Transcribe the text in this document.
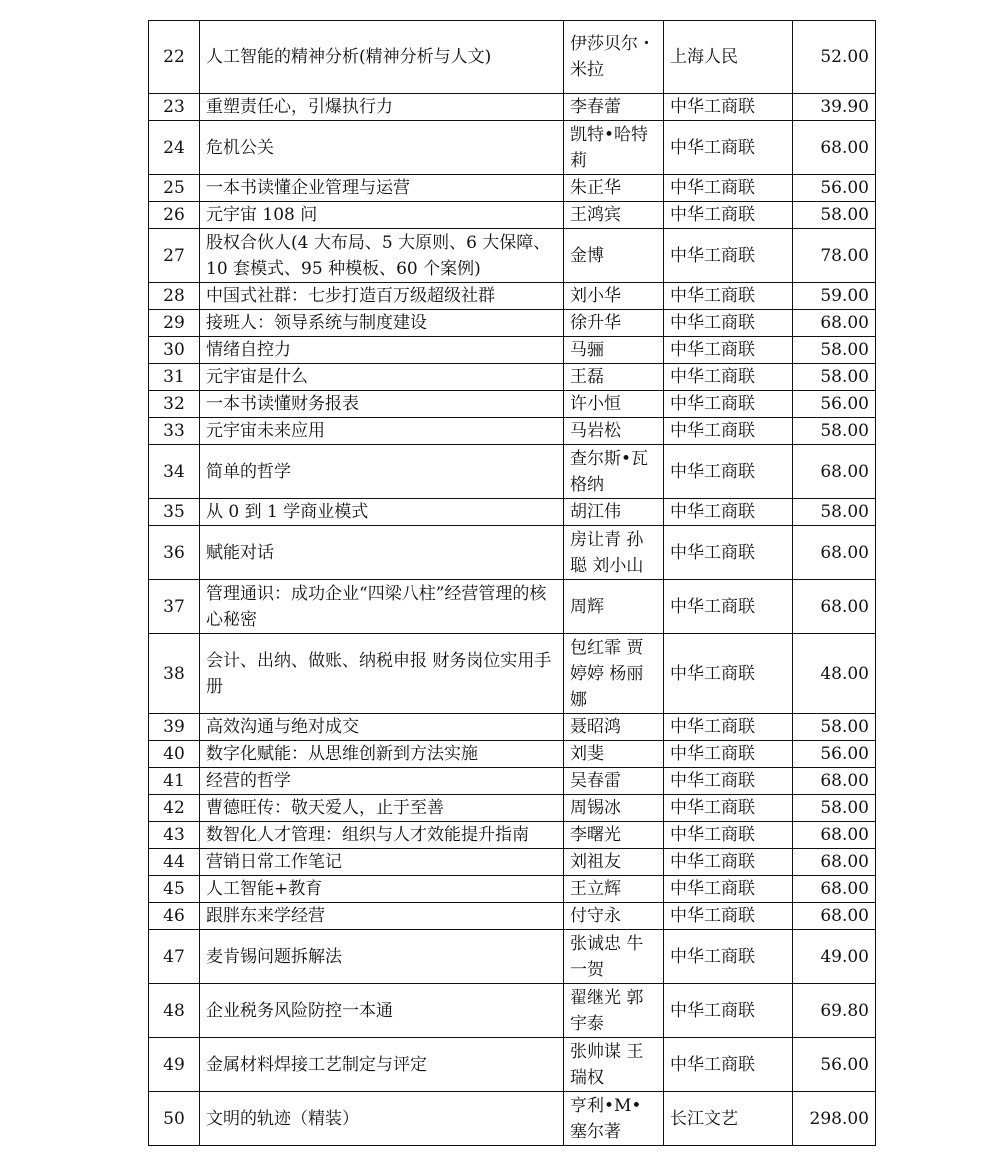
22	人工智能的精神分析(精神分析与人文)	伊莎贝尔・米拉	上海人民	52.00
23	重塑责任心，引爆执行力	李春蕾	中华工商联	39.90
24	危机公关	凯特•哈特莉	中华工商联	68.00
25	一本书读懂企业管理与运营	朱正华	中华工商联	56.00
26	元宇宙 108 问	王鸿宾	中华工商联	58.00
27	股权合伙人(4 大布局、5 大原则、6 大保障、10 套模式、95 种模板、60 个案例)	金博	中华工商联	78.00
28	中国式社群：七步打造百万级超级社群	刘小华	中华工商联	59.00
29	接班人：领导系统与制度建设	徐升华	中华工商联	68.00
30	情绪自控力	马骊	中华工商联	58.00
31	元宇宙是什么	王磊	中华工商联	58.00
32	一本书读懂财务报表	许小恒	中华工商联	56.00
33	元宇宙未来应用	马岩松	中华工商联	58.00
34	简单的哲学	查尔斯•瓦格纳	中华工商联	68.00
35	从 0 到 1 学商业模式	胡江伟	中华工商联	58.00
36	赋能对话	房让青 孙聪 刘小山	中华工商联	68.00
37	管理通识：成功企业“四梁八柱”经营管理的核心秘密	周辉	中华工商联	68.00
38	会计、出纳、做账、纳税申报 财务岗位实用手册	包红霏 贾婷婷 杨丽娜	中华工商联	48.00
39	高效沟通与绝对成交	聂昭鸿	中华工商联	58.00
40	数字化赋能：从思维创新到方法实施	刘斐	中华工商联	56.00
41	经营的哲学	吴春雷	中华工商联	68.00
42	曹德旺传：敬天爱人，止于至善	周锡冰	中华工商联	58.00
43	数智化人才管理：组织与人才效能提升指南	李曙光	中华工商联	68.00
44	营销日常工作笔记	刘祖友	中华工商联	68.00
45	人工智能+教育	王立辉	中华工商联	68.00
46	跟胖东来学经营	付守永	中华工商联	68.00
47	麦肯锡问题拆解法	张诚忠 牛一贺	中华工商联	49.00
48	企业税务风险防控一本通	翟继光 郭宇泰	中华工商联	69.80
49	金属材料焊接工艺制定与评定	张帅谋 王瑞权	中华工商联	56.00
50	文明的轨迹（精装）	亨利•M•塞尔著	长江文艺	298.00
